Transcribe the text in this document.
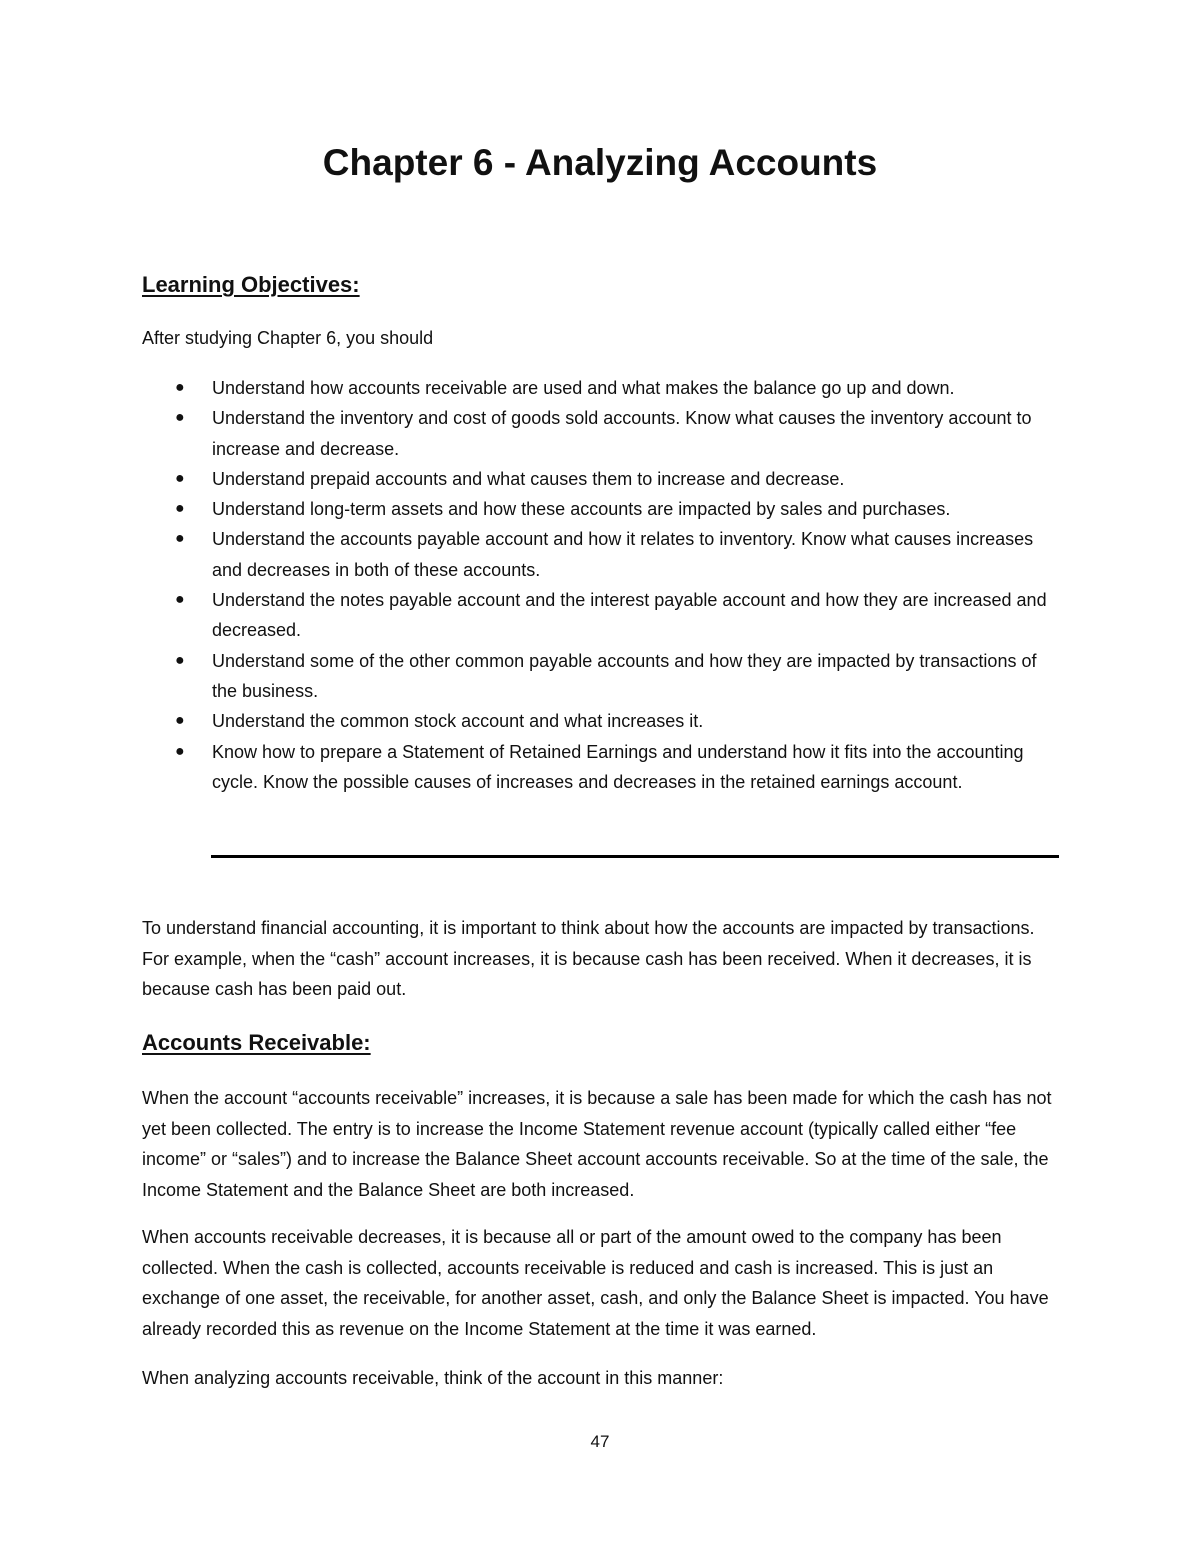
Chapter 6 - Analyzing Accounts
Learning Objectives:

After studying Chapter 6, you should

● Understand how accounts receivable are used and what makes the balance go up and down.
● Understand the inventory and cost of goods sold accounts. Know what causes the inventory account to increase and decrease.
● Understand prepaid accounts and what causes them to increase and decrease.
● Understand long-term assets and how these accounts are impacted by sales and purchases.
● Understand the accounts payable account and how it relates to inventory. Know what causes increases and decreases in both of these accounts.
● Understand the notes payable account and the interest payable account and how they are increased and decreased.
● Understand some of the other common payable accounts and how they are impacted by transactions of the business.
● Understand the common stock account and what increases it.
● Know how to prepare a Statement of Retained Earnings and understand how it fits into the accounting cycle. Know the possible causes of increases and decreases in the retained earnings account.

To understand financial accounting, it is important to think about how the accounts are impacted by transactions. For example, when the “cash” account increases, it is because cash has been received. When it decreases, it is because cash has been paid out.

Accounts Receivable:

When the account “accounts receivable” increases, it is because a sale has been made for which the cash has not yet been collected. The entry is to increase the Income Statement revenue account (typically called either “fee income” or “sales”) and to increase the Balance Sheet account accounts receivable. So at the time of the sale, the Income Statement and the Balance Sheet are both increased.

When accounts receivable decreases, it is because all or part of the amount owed to the company has been collected. When the cash is collected, accounts receivable is reduced and cash is increased. This is just an exchange of one asset, the receivable, for another asset, cash, and only the Balance Sheet is impacted. You have already recorded this as revenue on the Income Statement at the time it was earned.

When analyzing accounts receivable, think of the account in this manner:

47
